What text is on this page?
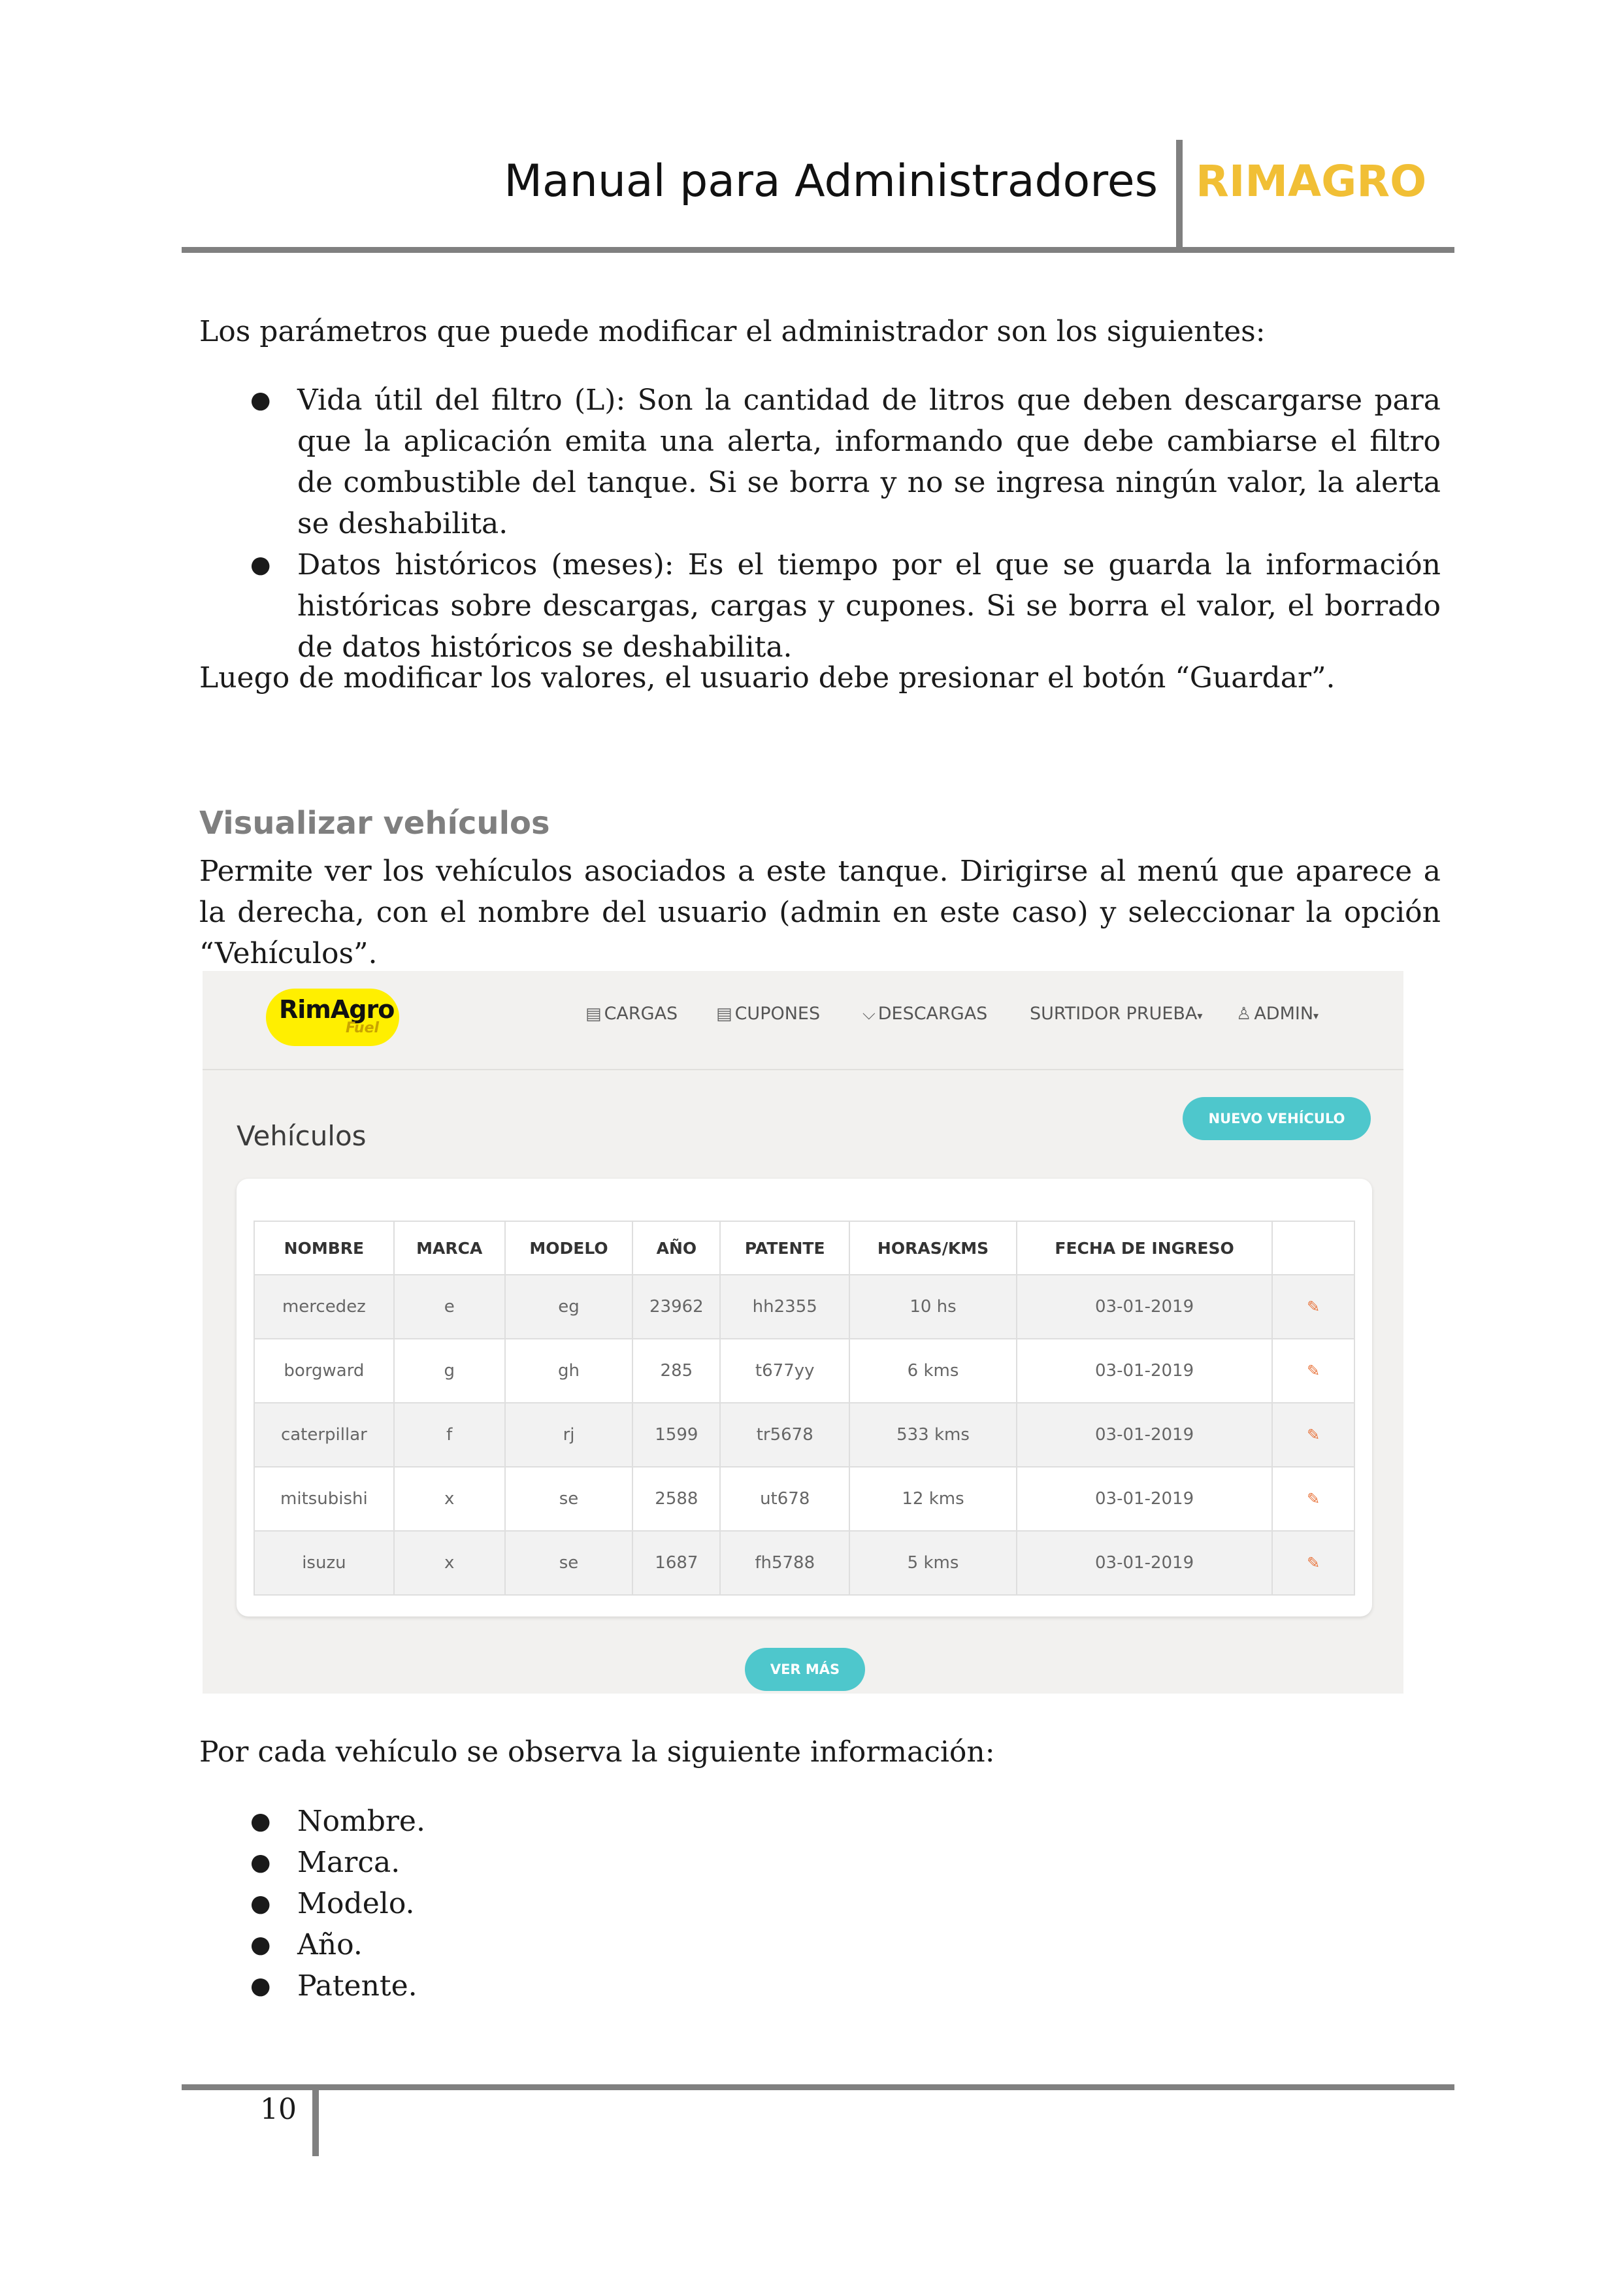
Manual para Administradores RIMAGRO
Los parámetros que puede modificar el administrador son los siguientes:
● Vida útil del filtro (L): Son la cantidad de litros que deben descargarse para que la aplicación emita una alerta, informando que debe cambiarse el filtro de combustible del tanque. Si se borra y no se ingresa ningún valor, la alerta se deshabilita.
● Datos históricos (meses): Es el tiempo por el que se guarda la información históricas sobre descargas, cargas y cupones. Si se borra el valor, el borrado de datos históricos se deshabilita.
Luego de modificar los valores, el usuario debe presionar el botón “Guardar”.
Visualizar vehículos
Permite ver los vehículos asociados a este tanque. Dirigirse al menú que aparece a la derecha, con el nombre del usuario (admin en este caso) y seleccionar la opción “Vehículos”.
RimAgro
Fuel
▤ CARGAS ▤ CUPONES ⌵ DESCARGAS SURTIDOR PRUEBA▾ ♙ ADMIN▾
Vehículos
NUEVO VEHÍCULO
NOMBRE	MARCA	MODELO	AÑO	PATENTE	HORAS/KMS	FECHA DE INGRESO	
mercedez	e	eg	23962	hh2355	10 hs	03-01-2019	✎
borgward	g	gh	285	t677yy	6 kms	03-01-2019	✎
caterpillar	f	rj	1599	tr5678	533 kms	03-01-2019	✎
mitsubishi	x	se	2588	ut678	12 kms	03-01-2019	✎
isuzu	x	se	1687	fh5788	5 kms	03-01-2019	✎
VER MÁS
Por cada vehículo se observa la siguiente información:
● Nombre.
● Marca.
● Modelo.
● Año.
● Patente.
10
